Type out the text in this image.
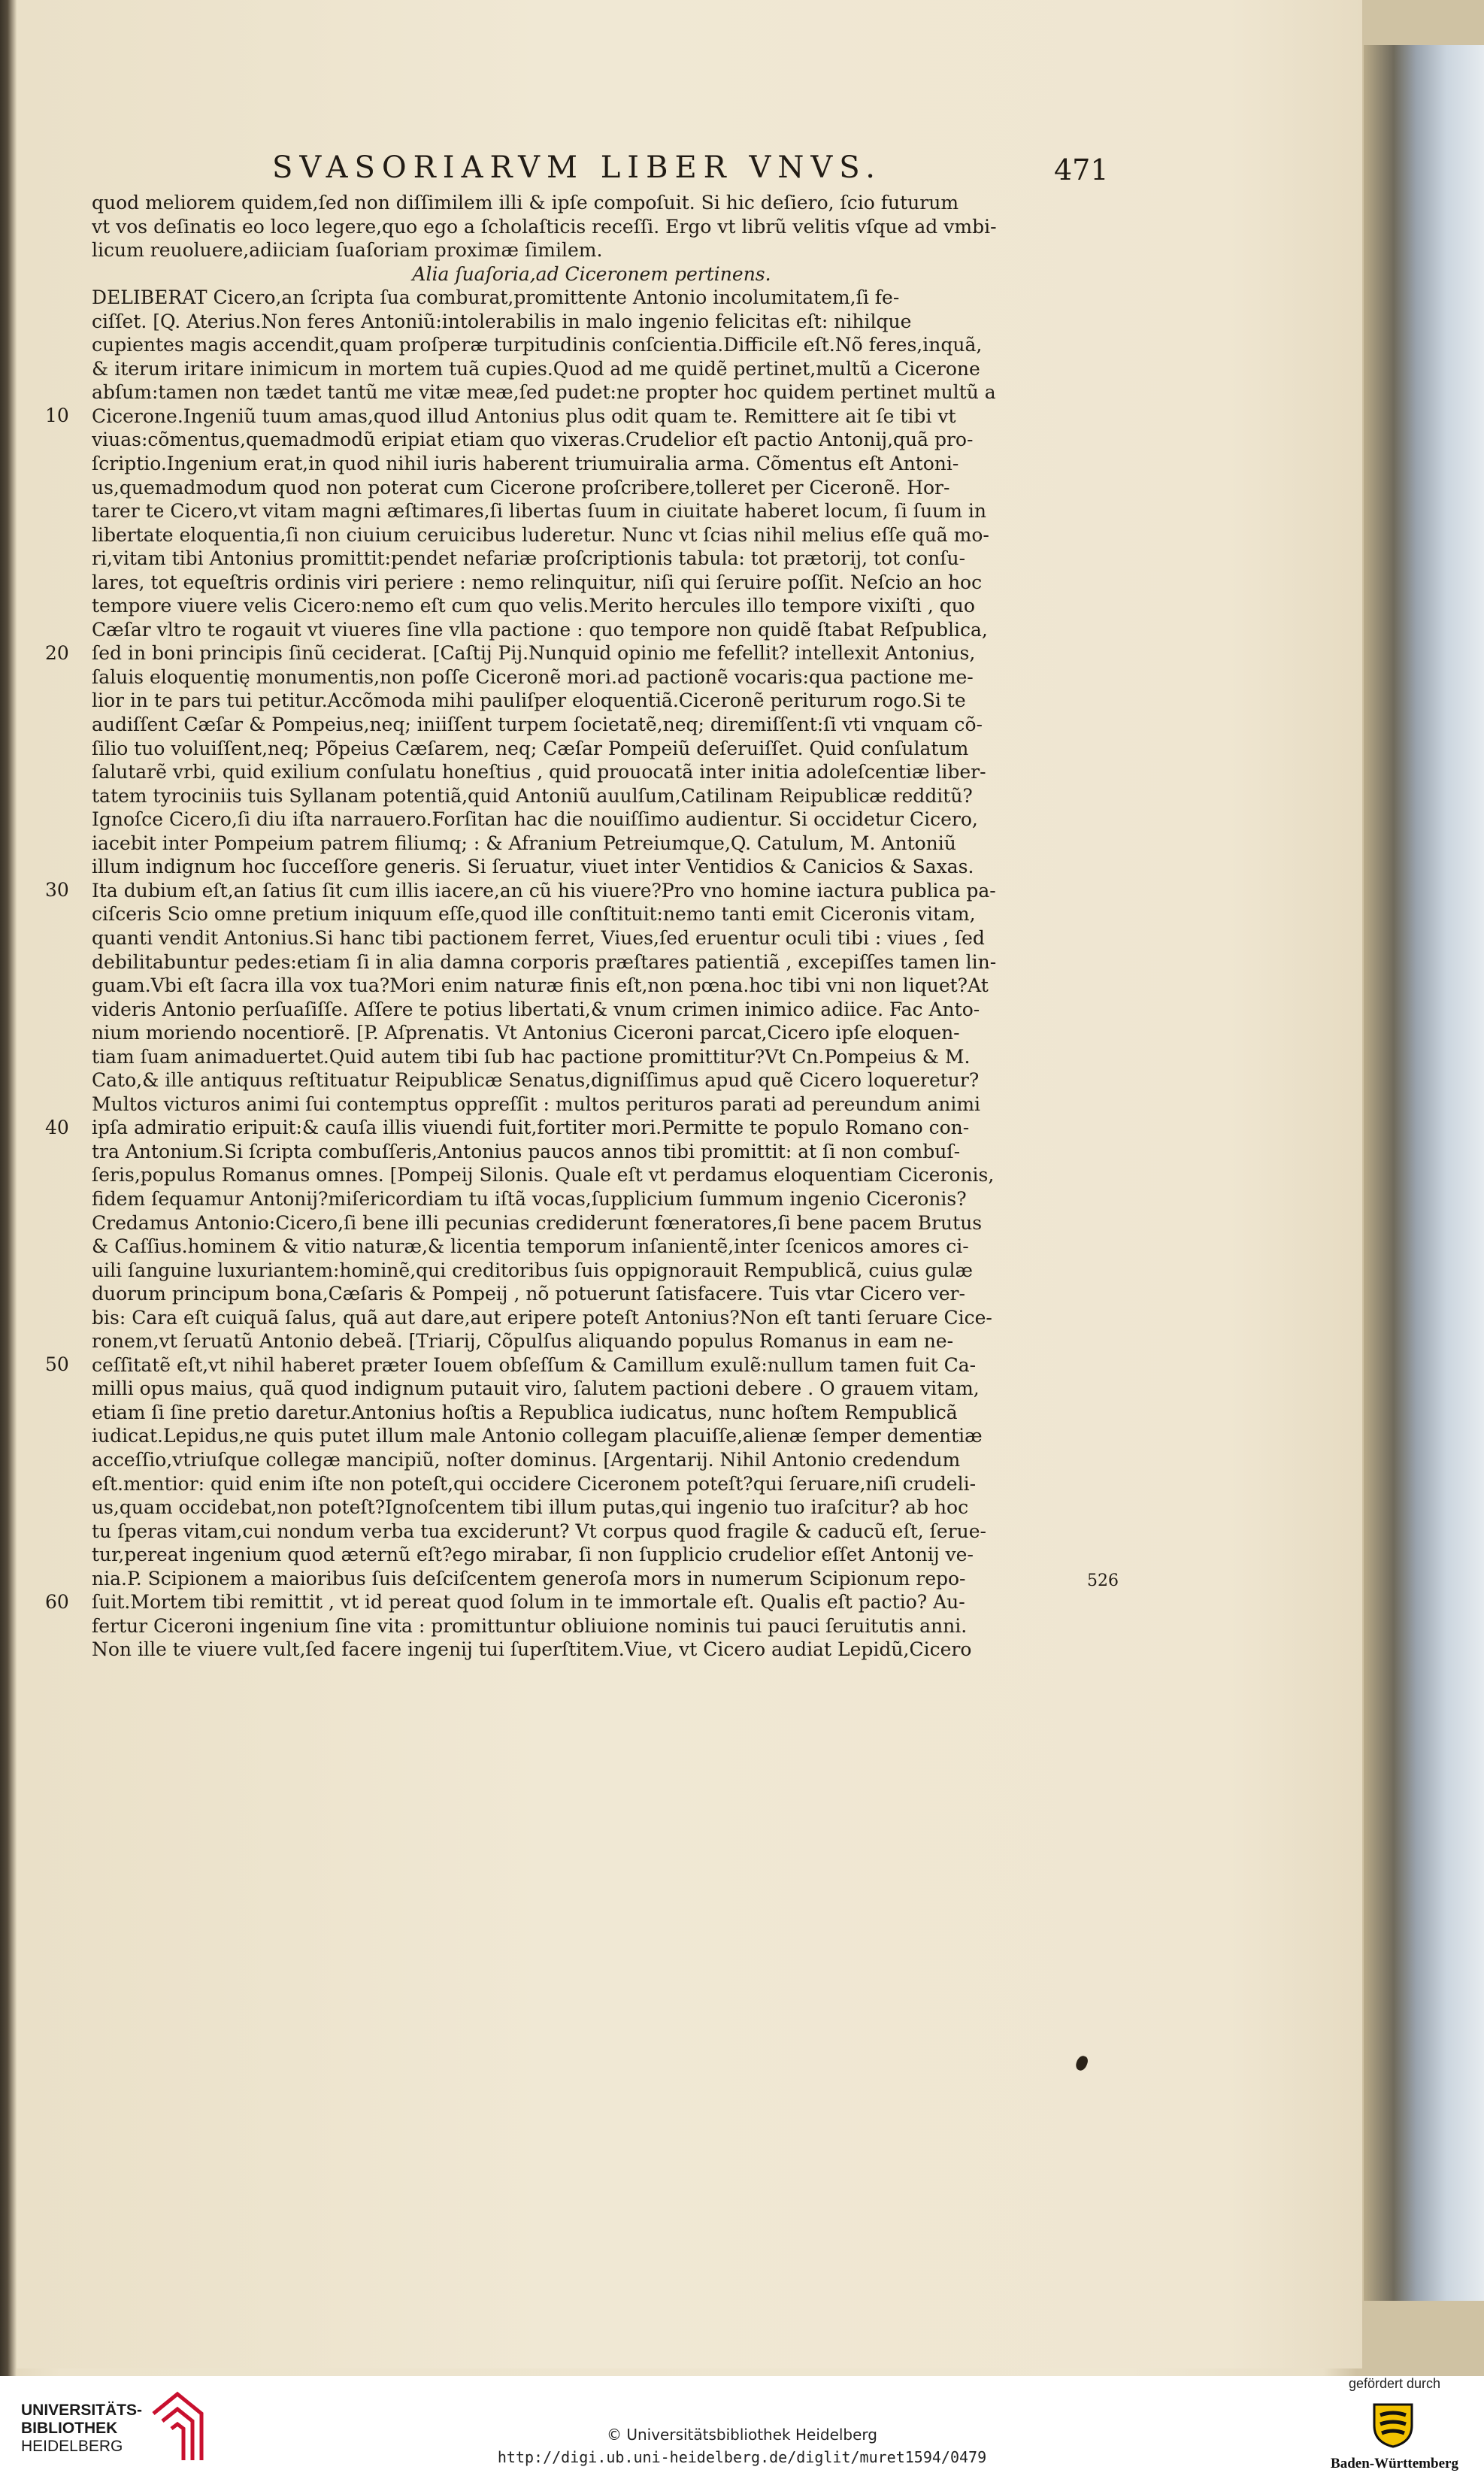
SVASORIARVM LIBER VNVS.	471
quod meliorem quidem,ſed non diſſimilem illi & ipſe compoſuit. Si hic deſiero, ſcio futurum
vt vos deſinatis eo loco legere,quo ego a ſcholaſticis receſſi. Ergo vt librũ velitis vſque ad vmbi-
licum reuoluere,adiiciam ſuaſoriam proximæ ſimilem.
Alia ſuaſoria,ad Ciceronem pertinens.
DELIBERAT Cicero,an ſcripta ſua comburat,promittente Antonio incolumitatem,ſi fe-
ciſſet. [Q. Aterius.Non feres Antoniũ:intolerabilis in malo ingenio felicitas eſt: nihilque
cupientes magis accendit,quam proſperæ turpitudinis conſcientia.Difficile eſt.Nõ feres,inquã,
& iterum iritare inimicum in mortem tuã cupies.Quod ad me quidẽ pertinet,multũ a Cicerone
abſum:tamen non tædet tantũ me vitæ meæ,ſed pudet:ne propter hoc quidem pertinet multũ a
Cicerone.Ingeniũ tuum amas,quod illud Antonius plus odit quam te. Remittere ait ſe tibi vt
viuas:cõmentus,quemadmodũ eripiat etiam quo vixeras.Crudelior eſt pactio Antonij,quã pro-
ſcriptio.Ingenium erat,in quod nihil iuris haberent triumuiralia arma. Cõmentus eſt Antoni-
us,quemadmodum quod non poterat cum Cicerone proſcribere,tolleret per Ciceronẽ. Hor-
tarer te Cicero,vt vitam magni æſtimares,ſi libertas ſuum in ciuitate haberet locum, ſi ſuum in
libertate eloquentia,ſi non ciuium ceruicibus luderetur. Nunc vt ſcias nihil melius eſſe quã mo-
ri,vitam tibi Antonius promittit:pendet nefariæ proſcriptionis tabula: tot prætorij, tot conſu-
lares, tot equeſtris ordinis viri periere : nemo relinquitur, niſi qui ſeruire poſſit. Neſcio an hoc
tempore viuere velis Cicero:nemo eſt cum quo velis.Merito hercules illo tempore vixiſti , quo
Cæſar vltro te rogauit vt viueres ſine vlla pactione : quo tempore non quidẽ ſtabat Reſpublica,
ſed in boni principis ſinũ ceciderat. [Caſtij Pij.Nunquid opinio me fefellit? intellexit Antonius,
ſaluis eloquentię monumentis,non poſſe Ciceronẽ mori.ad pactionẽ vocaris:qua pactione me-
lior in te pars tui petitur.Accõmoda mihi pauliſper eloquentiã.Ciceronẽ periturum rogo.Si te
audiſſent Cæſar & Pompeius,neq; iniiſſent turpem ſocietatẽ,neq; diremiſſent:ſi vti vnquam cõ-
ſilio tuo voluiſſent,neq; Põpeius Cæſarem, neq; Cæſar Pompeiũ deſeruiſſet. Quid conſulatum
ſalutarẽ vrbi, quid exilium conſulatu honeſtius , quid prouocatã inter initia adoleſcentiæ liber-
tatem tyrociniis tuis Syllanam potentiã,quid Antoniũ auulſum,Catilinam Reipublicæ redditũ?
Ignoſce Cicero,ſi diu iſta narrauero.Forſitan hac die nouiſſimo audientur. Si occidetur Cicero,
iacebit inter Pompeium patrem filiumq; : & Afranium Petreiumque,Q. Catulum, M. Antoniũ
illum indignum hoc ſucceſſore generis. Si ſeruatur, viuet inter Ventidios & Canicios & Saxas.
Ita dubium eſt,an ſatius ſit cum illis iacere,an cũ his viuere?Pro vno homine iactura publica pa-
ciſceris Scio omne pretium iniquum eſſe,quod ille conſtituit:nemo tanti emit Ciceronis vitam,
quanti vendit Antonius.Si hanc tibi pactionem ferret, Viues,ſed eruentur oculi tibi : viues , ſed
debilitabuntur pedes:etiam ſi in alia damna corporis præſtares patientiã , excepiſſes tamen lin-
guam.Vbi eſt ſacra illa vox tua?Mori enim naturæ finis eſt,non pœna.hoc tibi vni non liquet?At
videris Antonio perſuaſiſſe. Aſſere te potius libertati,& vnum crimen inimico adiice. Fac Anto-
nium moriendo nocentiorẽ. [P. Aſprenatis. Vt Antonius Ciceroni parcat,Cicero ipſe eloquen-
tiam ſuam animaduertet.Quid autem tibi ſub hac pactione promittitur?Vt Cn.Pompeius & M.
Cato,& ille antiquus reſtituatur Reipublicæ Senatus,digniſſimus apud quẽ Cicero loqueretur?
Multos victuros animi ſui contemptus oppreſſit : multos perituros parati ad pereundum animi
ipſa admiratio eripuit:& cauſa illis viuendi fuit,fortiter mori.Permitte te populo Romano con-
tra Antonium.Si ſcripta combuſſeris,Antonius paucos annos tibi promittit: at ſi non combuſ-
ſeris,populus Romanus omnes. [Pompeij Silonis. Quale eſt vt perdamus eloquentiam Ciceronis,
fidem ſequamur Antonij?miſericordiam tu iſtã vocas,ſupplicium ſummum ingenio Ciceronis?
Credamus Antonio:Cicero,ſi bene illi pecunias crediderunt fœneratores,ſi bene pacem Brutus
& Caſſius.hominem & vitio naturæ,& licentia temporum inſanientẽ,inter ſcenicos amores ci-
uili ſanguine luxuriantem:hominẽ,qui creditoribus ſuis oppignorauit Rempublicã, cuius gulæ
duorum principum bona,Cæſaris & Pompeij , nõ potuerunt ſatisfacere. Tuis vtar Cicero ver-
bis: Cara eſt cuiquã ſalus, quã aut dare,aut eripere poteſt Antonius?Non eſt tanti ſeruare Cice-
ronem,vt ſeruatũ Antonio debeã. [Triarij, Cõpulſus aliquando populus Romanus in eam ne-
ceſſitatẽ eſt,vt nihil haberet præter Iouem obſeſſum & Camillum exulẽ:nullum tamen fuit Ca-
milli opus maius, quã quod indignum putauit viro, ſalutem pactioni debere . O grauem vitam,
etiam ſi ſine pretio daretur.Antonius hoſtis a Republica iudicatus, nunc hoſtem Rempublicã
iudicat.Lepidus,ne quis putet illum male Antonio collegam placuiſſe,alienæ ſemper dementiæ
acceſſio,vtriuſque collegæ mancipiũ, noſter dominus. [Argentarij. Nihil Antonio credendum
eſt.mentior: quid enim iſte non poteſt,qui occidere Ciceronem poteſt?qui ſeruare,niſi crudeli-
us,quam occidebat,non poteſt?Ignoſcentem tibi illum putas,qui ingenio tuo iraſcitur? ab hoc
tu ſperas vitam,cui nondum verba tua exciderunt? Vt corpus quod fragile & caducũ eſt, ſerue-
tur,pereat ingenium quod æternũ eſt?ego mirabar, ſi non ſupplicio crudelior eſſet Antonij ve-
nia.P. Scipionem a maioribus ſuis deſciſcentem generoſa mors in numerum Scipionum repo-
ſuit.Mortem tibi remittit , vt id pereat quod ſolum in te immortale eſt. Qualis eſt pactio? Au-
fertur Ciceroni ingenium ſine vita : promittuntur obliuione nominis tui pauci ſeruitutis anni.
Non ille te viuere vult,ſed facere ingenij tui ſuperſtitem.Viue, vt Cicero audiat Lepidũ,Cicero
10
20
30
40
50
60
526
UNIVERSITÄTS-
BIBLIOTHEK
HEIDELBERG
© Universitätsbibliothek Heidelberg
http://digi.ub.uni-heidelberg.de/diglit/muret1594/0479
gefördert durch
Baden-Württemberg
